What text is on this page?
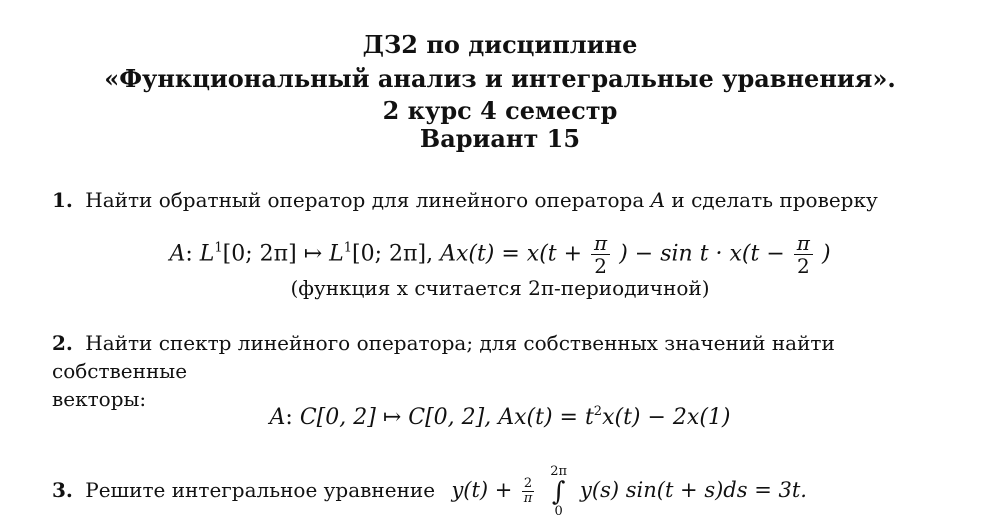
ДЗ2 по дисциплине
«Функциональный анализ и интегральные уравнения».
2 курс 4 семестр
Вариант 15
1. Найти обратный оператор для линейного оператора A и сделать проверку
A: $L^1[0$; 2π] ↦ $L^1[0$; 2π], $Ax(t) = x(t + \frac{\pi}{2}$ ) − $\sin t \cdot x(t - \frac{\pi}{2}$ )
(функция x считается 2π-периодичной)
2. Найти спектр линейного оператора; для собственных значений найти собственные
векторы:
A: C[0, 2] ↦ C[0, 2], $Ax(t) = t^2x(t) - 2x(1)$
3. Решите интегральное уравнение $y(t) + \frac{2}{\pi}$

2π
∫
0
y(s) sin(t + s)ds = 3t.
